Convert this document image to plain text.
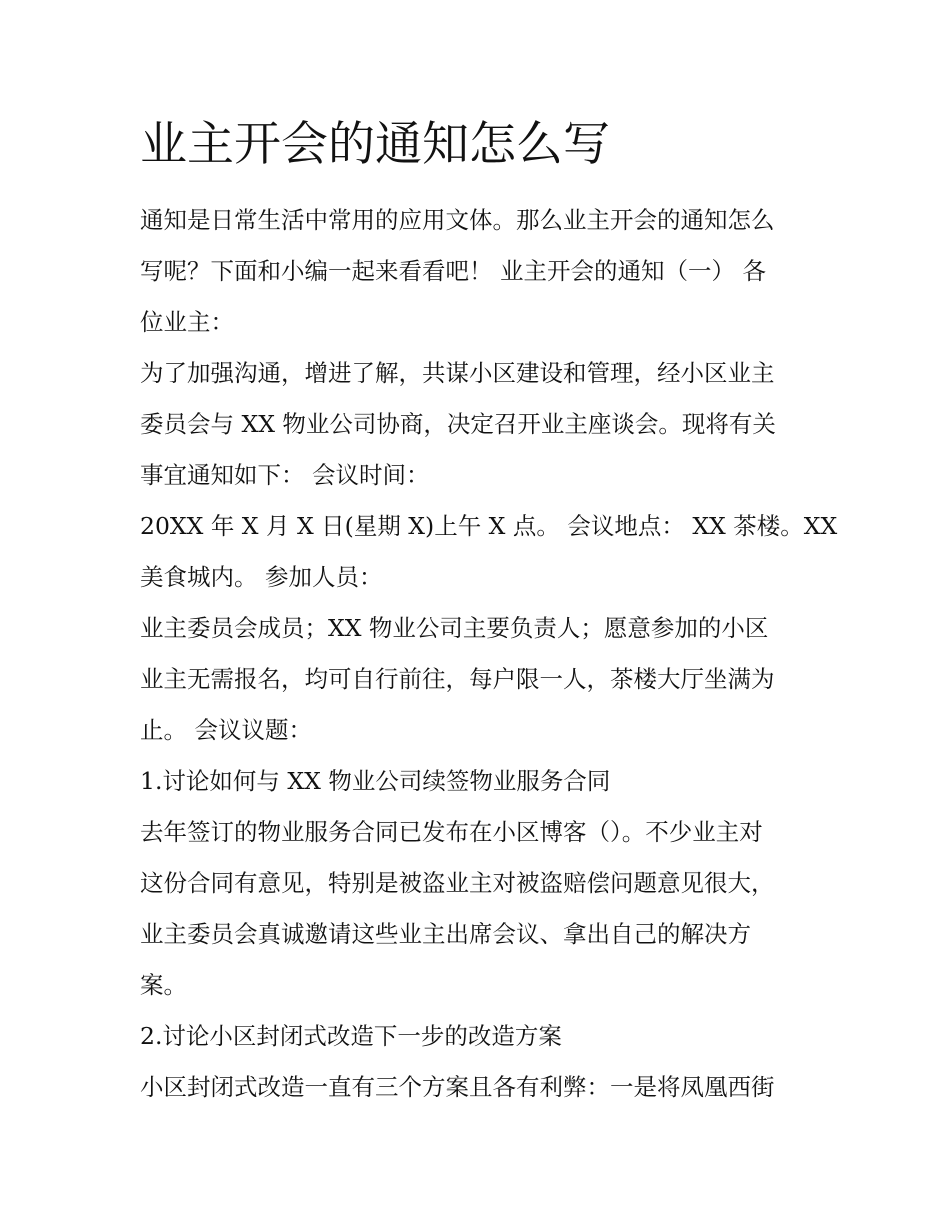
业主开会的通知怎么写
通知是日常生活中常用的应用文体。那么业主开会的通知怎么
写呢？下面和小编一起来看看吧！ 业主开会的通知（一） 各
位业主：
为了加强沟通，增进了解，共谋小区建设和管理，经小区业主
委员会与 XX 物业公司协商，决定召开业主座谈会。现将有关
事宜通知如下： 会议时间：
20XX 年 X 月 X 日(星期 X)上午 X 点。 会议地点： XX 茶楼。XX
美食城内。 参加人员：
业主委员会成员；XX 物业公司主要负责人；愿意参加的小区
业主无需报名，均可自行前往，每户限一人，茶楼大厅坐满为
止。 会议议题：
1.讨论如何与 XX 物业公司续签物业服务合同
去年签订的物业服务合同已发布在小区博客（）。不少业主对
这份合同有意见，特别是被盗业主对被盗赔偿问题意见很大，
业主委员会真诚邀请这些业主出席会议、拿出自己的解决方
案。
2.讨论小区封闭式改造下一步的改造方案
小区封闭式改造一直有三个方案且各有利弊：一是将凤凰西街
